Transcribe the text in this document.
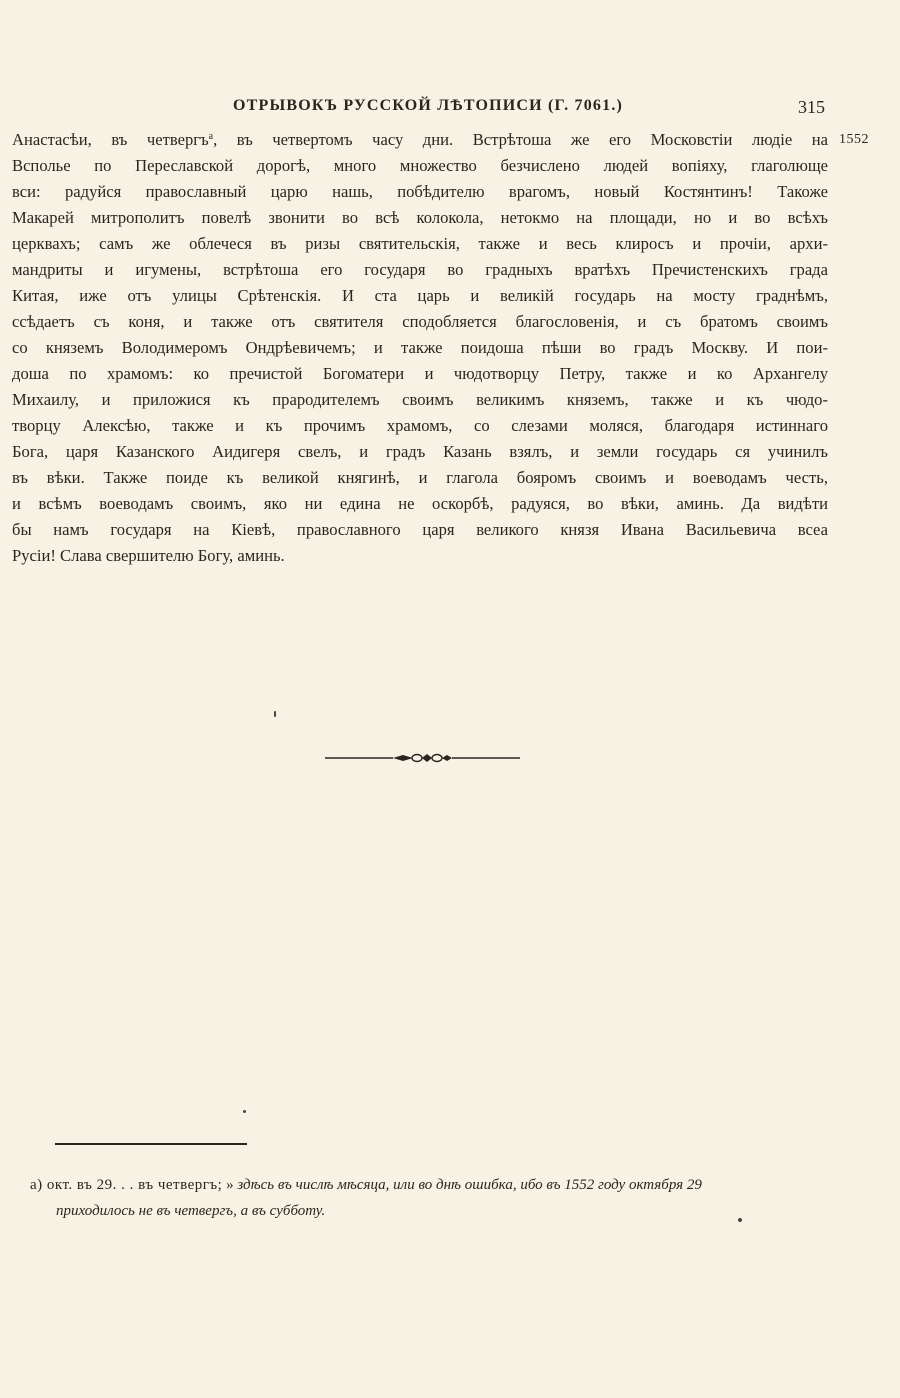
ОТРЫВОКЪ РУССКОЙ ЛѢТОПИСИ (Г. 7061.)	315
Анастасѣи, въ четвергъ$^а$, въ четвертомъ часу дни. Встрѣтоша же его Московстіи людіе на 1552
Всполье по Переславской дорогѣ, много множество безчислено людей вопіяху, глаголюще
вси: радуйся православный царю нашь, побѣдителю врагомъ, новый Костянтинъ! Такоже
Макарей митрополитъ повелѣ звонити во всѣ колокола, нетокмо на площади, но и во всѣхъ
церквахъ; самъ же облечеся въ ризы святительскія, также и весь клиросъ и прочіи, архи-
мандриты и игумены, встрѣтоша его государя во градныхъ вратѣхъ Пречистенскихъ града
Китая, иже отъ улицы Срѣтенскія. И ста царь и великій государь на мосту граднѣмъ,
ссѣдаетъ съ коня, и также отъ святителя сподобляется благословенія, и съ братомъ своимъ
со княземъ Володимеромъ Ондрѣевичемъ; и также поидоша пѣши во градъ Москву. И пои-
доша по храмомъ: ко пречистой Богоматери и чюдотворцу Петру, также и ко Архангелу
Михаилу, и приложися къ прародителемъ своимъ великимъ княземъ, также и къ чюдо-
творцу Алексѣю, также и къ прочимъ храмомъ, со слезами моляся, благодаря истиннаго
Бога, царя Казанского Аидигеря свелъ, и градъ Казань взялъ, и земли государь ся учинилъ
въ вѣки. Также поиде къ великой княгинѣ, и глагола бояромъ своимъ и воеводамъ честь,
и всѣмъ воеводамъ своимъ, яко ни едина не оскорбѣ, радуяся, во вѣки, аминь. Да видѣти
бы намъ государя на Кіевѣ, православного царя великого князя Ивана Васильевича всеа
Русіи! Слава свершителю Богу, аминь.
а) окт. въ 29. . . въ четвергъ; » здѣсь въ числѣ мѣсяца, или во днѣ ошибка, ибо въ 1552 году октября 29
приходилось не въ четвергъ, а въ субботу.
